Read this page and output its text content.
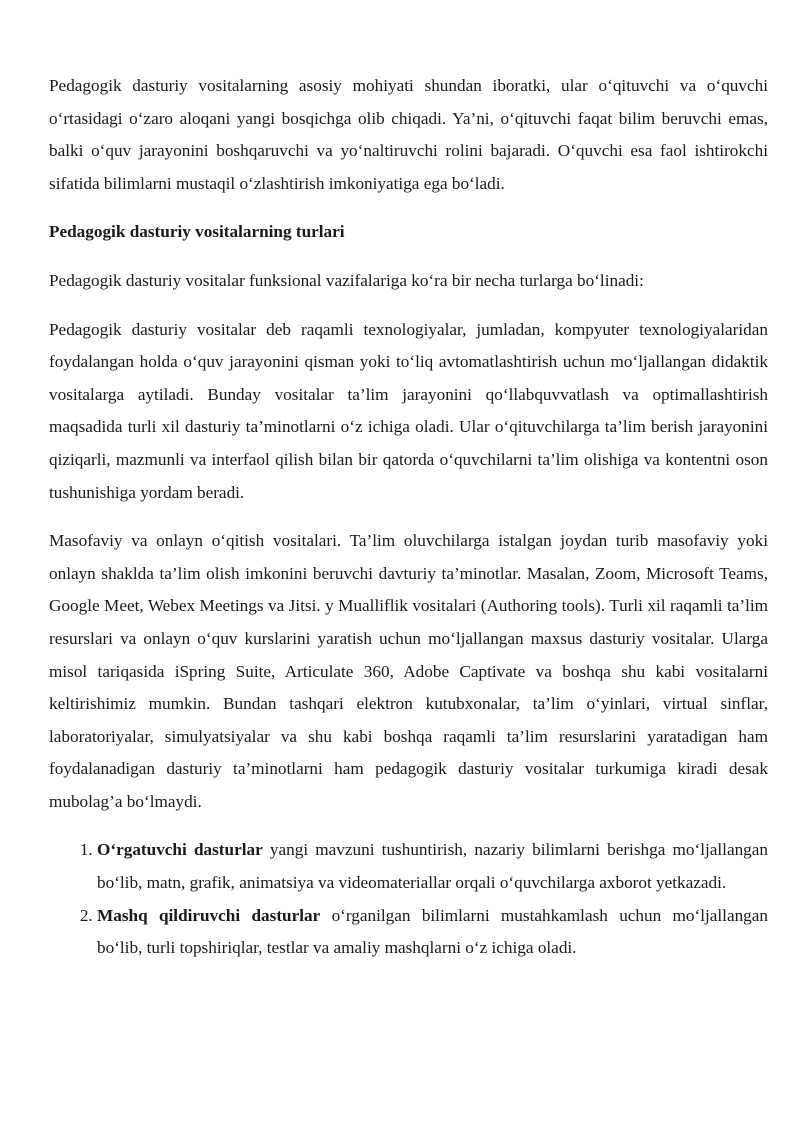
Pedagogik dasturiy vositalarning asosiy mohiyati shundan iboratki, ular oʻqituvchi va oʻquvchi oʻrtasidagi oʻzaro aloqani yangi bosqichga olib chiqadi. Ya’ni, oʻqituvchi faqat bilim beruvchi emas, balki oʻquv jarayonini boshqaruvchi va yoʻnaltiruvchi rolini bajaradi. Oʻquvchi esa faol ishtirokchi sifatida bilimlarni mustaqil oʻzlashtirish imkoniyatiga ega boʻladi.

Pedagogik dasturiy vositalarning turlari

Pedagogik dasturiy vositalar funksional vazifalariga koʻra bir necha turlarga boʻlinadi:

Pedagogik dasturiy vositalar deb raqamli texnologiyalar, jumladan, kompyuter texnologiyalaridan foydalangan holda oʻquv jarayonini qisman yoki toʻliq avtomatlashtirish uchun moʻljallangan didaktik vositalarga aytiladi. Bunday vositalar ta’lim jarayonini qoʻllabquvvatlash va optimallashtirish maqsadida turli xil dasturiy ta’minotlarni oʻz ichiga oladi. Ular oʻqituvchilarga ta’lim berish jarayonini qiziqarli, mazmunli va interfaol qilish bilan bir qatorda oʻquvchilarni ta’lim olishiga va kontentni oson tushunishiga yordam beradi.

Masofaviy va onlayn oʻqitish vositalari. Ta’lim oluvchilarga istalgan joydan turib masofaviy yoki onlayn shaklda ta’lim olish imkonini beruvchi davturiy ta’minotlar. Masalan, Zoom, Microsoft Teams, Google Meet, Webex Meetings va Jitsi. y Mualliflik vositalari (Authoring tools). Turli xil raqamli ta’lim resurslari va onlayn oʻquv kurslarini yaratish uchun moʻljallangan maxsus dasturiy vositalar. Ularga misol tariqasida iSpring Suite, Articulate 360, Adobe Captivate va boshqa shu kabi vositalarni keltirishimiz mumkin. Bundan tashqari elektron kutubxonalar, ta’lim oʻyinlari, virtual sinflar, laboratoriyalar, simulyatsiyalar va shu kabi boshqa raqamli ta’lim resurslarini yaratadigan ham foydalanadigan dasturiy ta’minotlarni ham pedagogik dasturiy vositalar turkumiga kiradi desak mubolag’a boʻlmaydi.

1. Oʻrgatuvchi dasturlar yangi mavzuni tushuntirish, nazariy bilimlarni berishga moʻljallangan boʻlib, matn, grafik, animatsiya va videomateriallar orqali oʻquvchilarga axborot yetkazadi.
2. Mashq qildiruvchi dasturlar oʻrganilgan bilimlarni mustahkamlash uchun moʻljallangan boʻlib, turli topshiriqlar, testlar va amaliy mashqlarni oʻz ichiga oladi.
